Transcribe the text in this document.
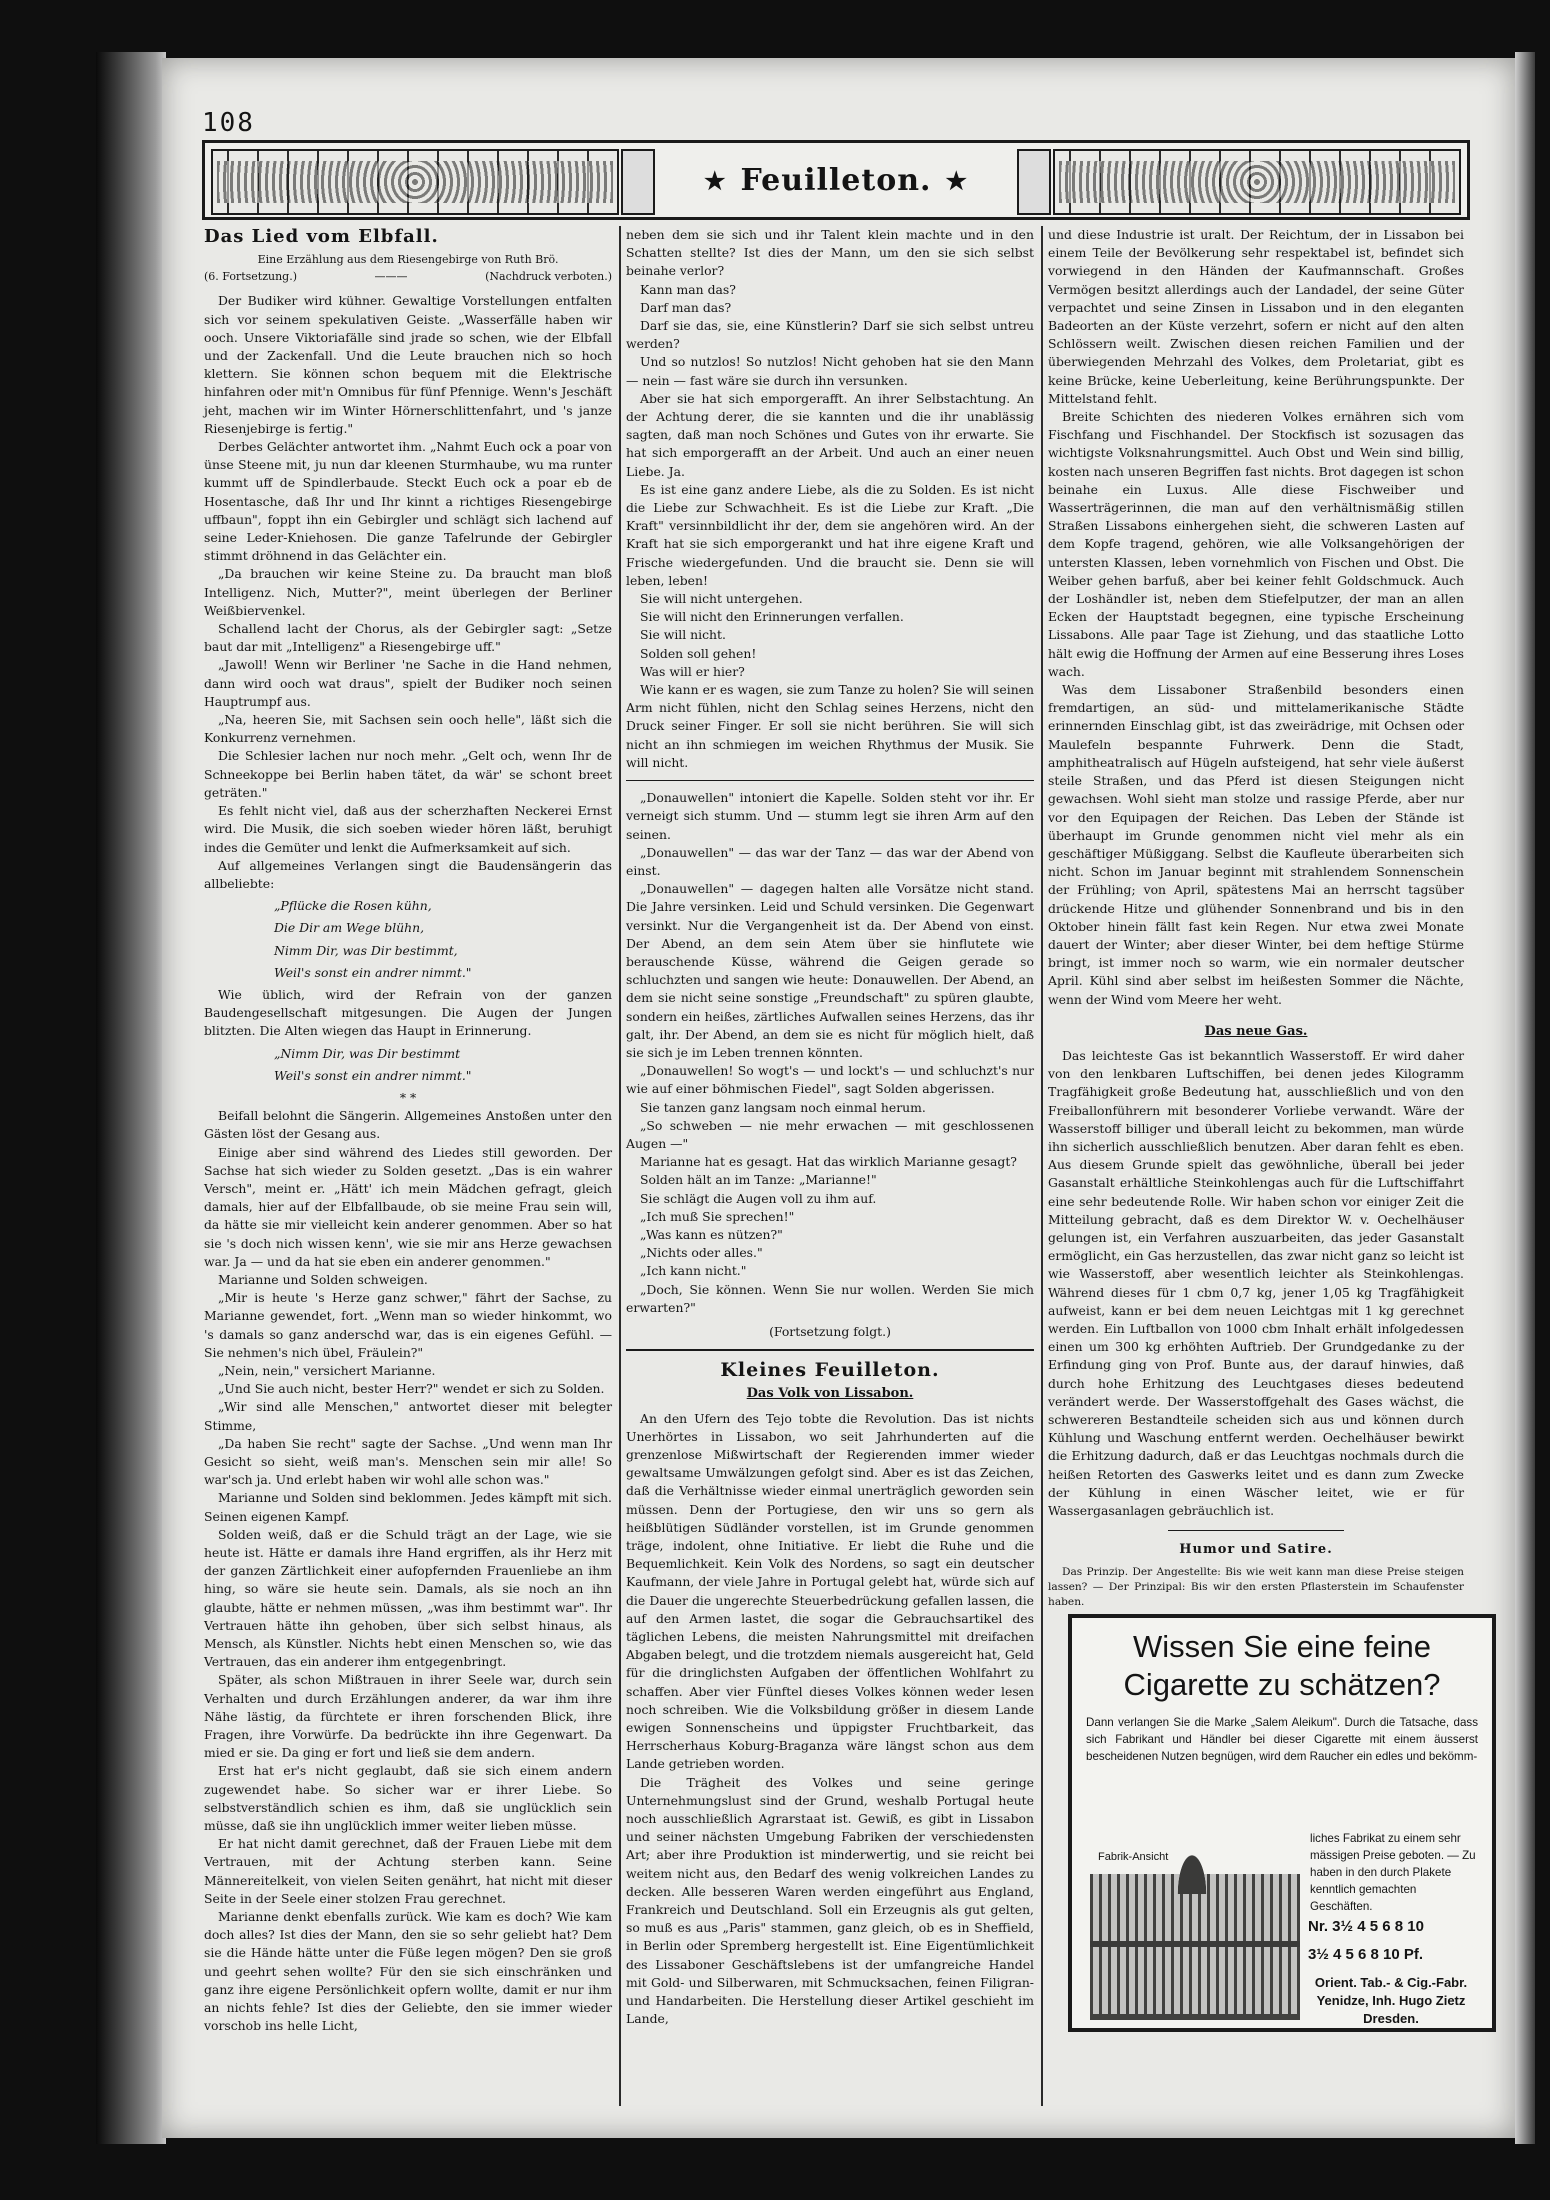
108
★ Feuilleton. ★
Das Lied vom Elbfall.

Eine Erzählung aus dem Riesengebirge von Ruth Brö.

(6. Fortsetzung.)	———	(Nachdruck verboten.)

Der Budiker wird kühner. Gewaltige Vorstellungen entfalten sich vor seinem spekulativen Geiste. „Wasserfälle haben wir ooch. Unsere Viktoriafälle sind jrade so schen, wie der Elbfall und der Zackenfall. Und die Leute brauchen nich so hoch klettern. Sie können schon bequem mit die Elektrische hinfahren oder mit'n Omnibus für fünf Pfennige. Wenn's Jeschäft jeht, machen wir im Winter Hörnerschlittenfahrt, und 's janze Riesenjebirge is fertig."

Derbes Gelächter antwortet ihm. „Nahmt Euch ock a poar von ünse Steene mit, ju nun dar kleenen Sturmhaube, wu ma runter kummt uff de Spindlerbaude. Steckt Euch ock a poar eb de Hosentasche, daß Ihr und Ihr kinnt a richtiges Riesengebirge uffbaun", foppt ihn ein Gebirgler und schlägt sich lachend auf seine Leder-Kniehosen. Die ganze Tafelrunde der Gebirgler stimmt dröhnend in das Gelächter ein.

„Da brauchen wir keine Steine zu. Da braucht man bloß Intelligenz. Nich, Mutter?", meint überlegen der Berliner Weißbiervenkel.

Schallend lacht der Chorus, als der Gebirgler sagt: „Setze baut dar mit „Intelligenz" a Riesengebirge uff."

„Jawoll! Wenn wir Berliner 'ne Sache in die Hand nehmen, dann wird ooch wat draus", spielt der Budiker noch seinen Hauptrumpf aus.

„Na, heeren Sie, mit Sachsen sein ooch helle", läßt sich die Konkurrenz vernehmen.

Die Schlesier lachen nur noch mehr. „Gelt och, wenn Ihr de Schneekoppe bei Berlin haben tätet, da wär' se schont breet geträten."

Es fehlt nicht viel, daß aus der scherzhaften Neckerei Ernst wird. Die Musik, die sich soeben wieder hören läßt, beruhigt indes die Gemüter und lenkt die Aufmerksamkeit auf sich.

Auf allgemeines Verlangen singt die Baudensängerin das allbeliebte:

„Pflücke die Rosen kühn,

Die Dir am Wege blühn,

Nimm Dir, was Dir bestimmt,

Weil's sonst ein andrer nimmt."

Wie üblich, wird der Refrain von der ganzen Baudengesellschaft mitgesungen. Die Augen der Jungen blitzten. Die Alten wiegen das Haupt in Erinnerung.

„Nimm Dir, was Dir bestimmt

Weil's sonst ein andrer nimmt."

* *

Beifall belohnt die Sängerin. Allgemeines Anstoßen unter den Gästen löst der Gesang aus.

Einige aber sind während des Liedes still geworden. Der Sachse hat sich wieder zu Solden gesetzt. „Das is ein wahrer Versch", meint er. „Hätt' ich mein Mädchen gefragt, gleich damals, hier auf der Elbfallbaude, ob sie meine Frau sein will, da hätte sie mir vielleicht kein anderer genommen. Aber so hat sie 's doch nich wissen kenn', wie sie mir ans Herze gewachsen war. Ja — und da hat sie eben ein anderer genommen."

Marianne und Solden schweigen.

„Mir is heute 's Herze ganz schwer," fährt der Sachse, zu Marianne gewendet, fort. „Wenn man so wieder hinkommt, wo 's damals so ganz anderschd war, das is ein eigenes Gefühl. — Sie nehmen's nich übel, Fräulein?"

„Nein, nein," versichert Marianne.

„Und Sie auch nicht, bester Herr?" wendet er sich zu Solden.

„Wir sind alle Menschen," antwortet dieser mit belegter Stimme,

„Da haben Sie recht" sagte der Sachse. „Und wenn man Ihr Gesicht so sieht, weiß man's. Menschen sein mir alle! So war'sch ja. Und erlebt haben wir wohl alle schon was."

Marianne und Solden sind beklommen. Jedes kämpft mit sich. Seinen eigenen Kampf.

Solden weiß, daß er die Schuld trägt an der Lage, wie sie heute ist. Hätte er damals ihre Hand ergriffen, als ihr Herz mit der ganzen Zärtlichkeit einer aufopfernden Frauenliebe an ihm hing, so wäre sie heute sein. Damals, als sie noch an ihn glaubte, hätte er nehmen müssen, „was ihm bestimmt war". Ihr Vertrauen hätte ihn gehoben, über sich selbst hinaus, als Mensch, als Künstler. Nichts hebt einen Menschen so, wie das Vertrauen, das ein anderer ihm entgegenbringt.

Später, als schon Mißtrauen in ihrer Seele war, durch sein Verhalten und durch Erzählungen anderer, da war ihm ihre Nähe lästig, da fürchtete er ihren forschenden Blick, ihre Fragen, ihre Vorwürfe. Da bedrückte ihn ihre Gegenwart. Da mied er sie. Da ging er fort und ließ sie dem andern.

Erst hat er's nicht geglaubt, daß sie sich einem andern zugewendet habe. So sicher war er ihrer Liebe. So selbstverständlich schien es ihm, daß sie unglücklich sein müsse, daß sie ihn unglücklich immer weiter lieben müsse.

Er hat nicht damit gerechnet, daß der Frauen Liebe mit dem Vertrauen, mit der Achtung sterben kann. Seine Männereitelkeit, von vielen Seiten genährt, hat nicht mit dieser Seite in der Seele einer stolzen Frau gerechnet.

Marianne denkt ebenfalls zurück. Wie kam es doch? Wie kam doch alles? Ist dies der Mann, den sie so sehr geliebt hat? Dem sie die Hände hätte unter die Füße legen mögen? Den sie groß und geehrt sehen wollte? Für den sie sich einschränken und ganz ihre eigene Persönlichkeit opfern wollte, damit er nur ihm an nichts fehle? Ist dies der Geliebte, den sie immer wieder vorschob ins helle Licht,

neben dem sie sich und ihr Talent klein machte und in den Schatten stellte? Ist dies der Mann, um den sie sich selbst beinahe verlor?

Kann man das?

Darf man das?

Darf sie das, sie, eine Künstlerin? Darf sie sich selbst untreu werden?

Und so nutzlos! So nutzlos! Nicht gehoben hat sie den Mann — nein — fast wäre sie durch ihn versunken.

Aber sie hat sich emporgerafft. An ihrer Selbstachtung. An der Achtung derer, die sie kannten und die ihr unablässig sagten, daß man noch Schönes und Gutes von ihr erwarte. Sie hat sich emporgerafft an der Arbeit. Und auch an einer neuen Liebe. Ja.

Es ist eine ganz andere Liebe, als die zu Solden. Es ist nicht die Liebe zur Schwachheit. Es ist die Liebe zur Kraft. „Die Kraft" versinnbildlicht ihr der, dem sie angehören wird. An der Kraft hat sie sich emporgerankt und hat ihre eigene Kraft und Frische wiedergefunden. Und die braucht sie. Denn sie will leben, leben!

Sie will nicht untergehen.

Sie will nicht den Erinnerungen verfallen.

Sie will nicht.

Solden soll gehen!

Was will er hier?

Wie kann er es wagen, sie zum Tanze zu holen? Sie will seinen Arm nicht fühlen, nicht den Schlag seines Herzens, nicht den Druck seiner Finger. Er soll sie nicht berühren. Sie will sich nicht an ihn schmiegen im weichen Rhythmus der Musik. Sie will nicht.

„Donauwellen" intoniert die Kapelle. Solden steht vor ihr. Er verneigt sich stumm. Und — stumm legt sie ihren Arm auf den seinen.

„Donauwellen" — das war der Tanz — das war der Abend von einst.

„Donauwellen" — dagegen halten alle Vorsätze nicht stand. Die Jahre versinken. Leid und Schuld versinken. Die Gegenwart versinkt. Nur die Vergangenheit ist da. Der Abend von einst. Der Abend, an dem sein Atem über sie hinflutete wie berauschende Küsse, während die Geigen gerade so schluchzten und sangen wie heute: Donauwellen. Der Abend, an dem sie nicht seine sonstige „Freundschaft" zu spüren glaubte, sondern ein heißes, zärtliches Aufwallen seines Herzens, das ihr galt, ihr. Der Abend, an dem sie es nicht für möglich hielt, daß sie sich je im Leben trennen könnten.

„Donauwellen! So wogt's — und lockt's — und schluchzt's nur wie auf einer böhmischen Fiedel", sagt Solden abgerissen.

Sie tanzen ganz langsam noch einmal herum.

„So schweben — nie mehr erwachen — mit geschlossenen Augen —"

Marianne hat es gesagt. Hat das wirklich Marianne gesagt?

Solden hält an im Tanze: „Marianne!"

Sie schlägt die Augen voll zu ihm auf.

„Ich muß Sie sprechen!"

„Was kann es nützen?"

„Nichts oder alles."

„Ich kann nicht."

„Doch, Sie können. Wenn Sie nur wollen. Werden Sie mich erwarten?"

(Fortsetzung folgt.)

Kleines Feuilleton.
Das Volk von Lissabon.

An den Ufern des Tejo tobte die Revolution. Das ist nichts Unerhörtes in Lissabon, wo seit Jahrhunderten auf die grenzenlose Mißwirtschaft der Regierenden immer wieder gewaltsame Umwälzungen gefolgt sind. Aber es ist das Zeichen, daß die Verhältnisse wieder einmal unerträglich geworden sein müssen. Denn der Portugiese, den wir uns so gern als heißblütigen Südländer vorstellen, ist im Grunde genommen träge, indolent, ohne Initiative. Er liebt die Ruhe und die Bequemlichkeit. Kein Volk des Nordens, so sagt ein deutscher Kaufmann, der viele Jahre in Portugal gelebt hat, würde sich auf die Dauer die ungerechte Steuerbedrückung gefallen lassen, die auf den Armen lastet, die sogar die Gebrauchsartikel des täglichen Lebens, die meisten Nahrungsmittel mit dreifachen Abgaben belegt, und die trotzdem niemals ausgereicht hat, Geld für die dringlichsten Aufgaben der öffentlichen Wohlfahrt zu schaffen. Aber vier Fünftel dieses Volkes können weder lesen noch schreiben. Wie die Volksbildung größer in diesem Lande ewigen Sonnenscheins und üppigster Fruchtbarkeit, das Herrscherhaus Koburg-Braganza wäre längst schon aus dem Lande getrieben worden.

Die Trägheit des Volkes und seine geringe Unternehmungslust sind der Grund, weshalb Portugal heute noch ausschließlich Agrarstaat ist. Gewiß, es gibt in Lissabon und seiner nächsten Umgebung Fabriken der verschiedensten Art; aber ihre Produktion ist minderwertig, und sie reicht bei weitem nicht aus, den Bedarf des wenig volkreichen Landes zu decken. Alle besseren Waren werden eingeführt aus England, Frankreich und Deutschland. Soll ein Erzeugnis als gut gelten, so muß es aus „Paris" stammen, ganz gleich, ob es in Sheffield, in Berlin oder Spremberg hergestellt ist. Eine Eigentümlichkeit des Lissaboner Geschäftslebens ist der umfangreiche Handel mit Gold- und Silberwaren, mit Schmucksachen, feinen Filigran- und Handarbeiten. Die Herstellung dieser Artikel geschieht im Lande,

und diese Industrie ist uralt. Der Reichtum, der in Lissabon bei einem Teile der Bevölkerung sehr respektabel ist, befindet sich vorwiegend in den Händen der Kaufmannschaft. Großes Vermögen besitzt allerdings auch der Landadel, der seine Güter verpachtet und seine Zinsen in Lissabon und in den eleganten Badeorten an der Küste verzehrt, sofern er nicht auf den alten Schlössern weilt. Zwischen diesen reichen Familien und der überwiegenden Mehrzahl des Volkes, dem Proletariat, gibt es keine Brücke, keine Ueberleitung, keine Berührungspunkte. Der Mittelstand fehlt.

Breite Schichten des niederen Volkes ernähren sich vom Fischfang und Fischhandel. Der Stockfisch ist sozusagen das wichtigste Volksnahrungsmittel. Auch Obst und Wein sind billig, kosten nach unseren Begriffen fast nichts. Brot dagegen ist schon beinahe ein Luxus. Alle diese Fischweiber und Wasserträgerinnen, die man auf den verhältnismäßig stillen Straßen Lissabons einhergehen sieht, die schweren Lasten auf dem Kopfe tragend, gehören, wie alle Volksangehörigen der untersten Klassen, leben vornehmlich von Fischen und Obst. Die Weiber gehen barfuß, aber bei keiner fehlt Goldschmuck. Auch der Loshändler ist, neben dem Stiefelputzer, der man an allen Ecken der Hauptstadt begegnen, eine typische Erscheinung Lissabons. Alle paar Tage ist Ziehung, und das staatliche Lotto hält ewig die Hoffnung der Armen auf eine Besserung ihres Loses wach.

Was dem Lissaboner Straßenbild besonders einen fremdartigen, an süd- und mittelamerikanische Städte erinnernden Einschlag gibt, ist das zweirädrige, mit Ochsen oder Maulefeln bespannte Fuhrwerk. Denn die Stadt, amphitheatralisch auf Hügeln aufsteigend, hat sehr viele äußerst steile Straßen, und das Pferd ist diesen Steigungen nicht gewachsen. Wohl sieht man stolze und rassige Pferde, aber nur vor den Equipagen der Reichen. Das Leben der Stände ist überhaupt im Grunde genommen nicht viel mehr als ein geschäftiger Müßiggang. Selbst die Kaufleute überarbeiten sich nicht. Schon im Januar beginnt mit strahlendem Sonnenschein der Frühling; von April, spätestens Mai an herrscht tagsüber drückende Hitze und glühender Sonnenbrand und bis in den Oktober hinein fällt fast kein Regen. Nur etwa zwei Monate dauert der Winter; aber dieser Winter, bei dem heftige Stürme bringt, ist immer noch so warm, wie ein normaler deutscher April. Kühl sind aber selbst im heißesten Sommer die Nächte, wenn der Wind vom Meere her weht.

Das neue Gas.

Das leichteste Gas ist bekanntlich Wasserstoff. Er wird daher von den lenkbaren Luftschiffen, bei denen jedes Kilogramm Tragfähigkeit große Bedeutung hat, ausschließlich und von den Freiballonführern mit besonderer Vorliebe verwandt. Wäre der Wasserstoff billiger und überall leicht zu bekommen, man würde ihn sicherlich ausschließlich benutzen. Aber daran fehlt es eben. Aus diesem Grunde spielt das gewöhnliche, überall bei jeder Gasanstalt erhältliche Steinkohlengas auch für die Luftschiffahrt eine sehr bedeutende Rolle. Wir haben schon vor einiger Zeit die Mitteilung gebracht, daß es dem Direktor W. v. Oechelhäuser gelungen ist, ein Verfahren auszuarbeiten, das jeder Gasanstalt ermöglicht, ein Gas herzustellen, das zwar nicht ganz so leicht ist wie Wasserstoff, aber wesentlich leichter als Steinkohlengas. Während dieses für 1 cbm 0,7 kg, jener 1,05 kg Tragfähigkeit aufweist, kann er bei dem neuen Leichtgas mit 1 kg gerechnet werden. Ein Luftballon von 1000 cbm Inhalt erhält infolgedessen einen um 300 kg erhöhten Auftrieb. Der Grundgedanke zu der Erfindung ging von Prof. Bunte aus, der darauf hinwies, daß durch hohe Erhitzung des Leuchtgases dieses bedeutend verändert werde. Der Wasserstoffgehalt des Gases wächst, die schwereren Bestandteile scheiden sich aus und können durch Kühlung und Waschung entfernt werden. Oechelhäuser bewirkt die Erhitzung dadurch, daß er das Leuchtgas nochmals durch die heißen Retorten des Gaswerks leitet und es dann zum Zwecke der Kühlung in einen Wäscher leitet, wie er für Wassergasanlagen gebräuchlich ist.

Humor und Satire.

Das Prinzip. Der Angestellte: Bis wie weit kann man diese Preise steigen lassen? — Der Prinzipal: Bis wir den ersten Pflasterstein im Schaufenster haben.

Wissen Sie eine feine Cigarette zu schätzen?
Dann verlangen Sie die Marke „Salem Aleikum". Durch die Tatsache, dass sich Fabrikant und Händler bei dieser Cigarette mit einem äusserst bescheidenen Nutzen begnügen, wird dem Raucher ein edles und bekömm-
liches Fabrikat zu einem sehr mässigen Preise geboten. — Zu haben in den durch Plakete kenntlich gemachten Geschäften.
Fabrik-Ansicht
Nr. 3½ 4 5 6 8 10
3½ 4 5 6 8 10 Pf.
Orient. Tab.- & Cig.-Fabr. Yenidze, Inh. Hugo Zietz Dresden.
